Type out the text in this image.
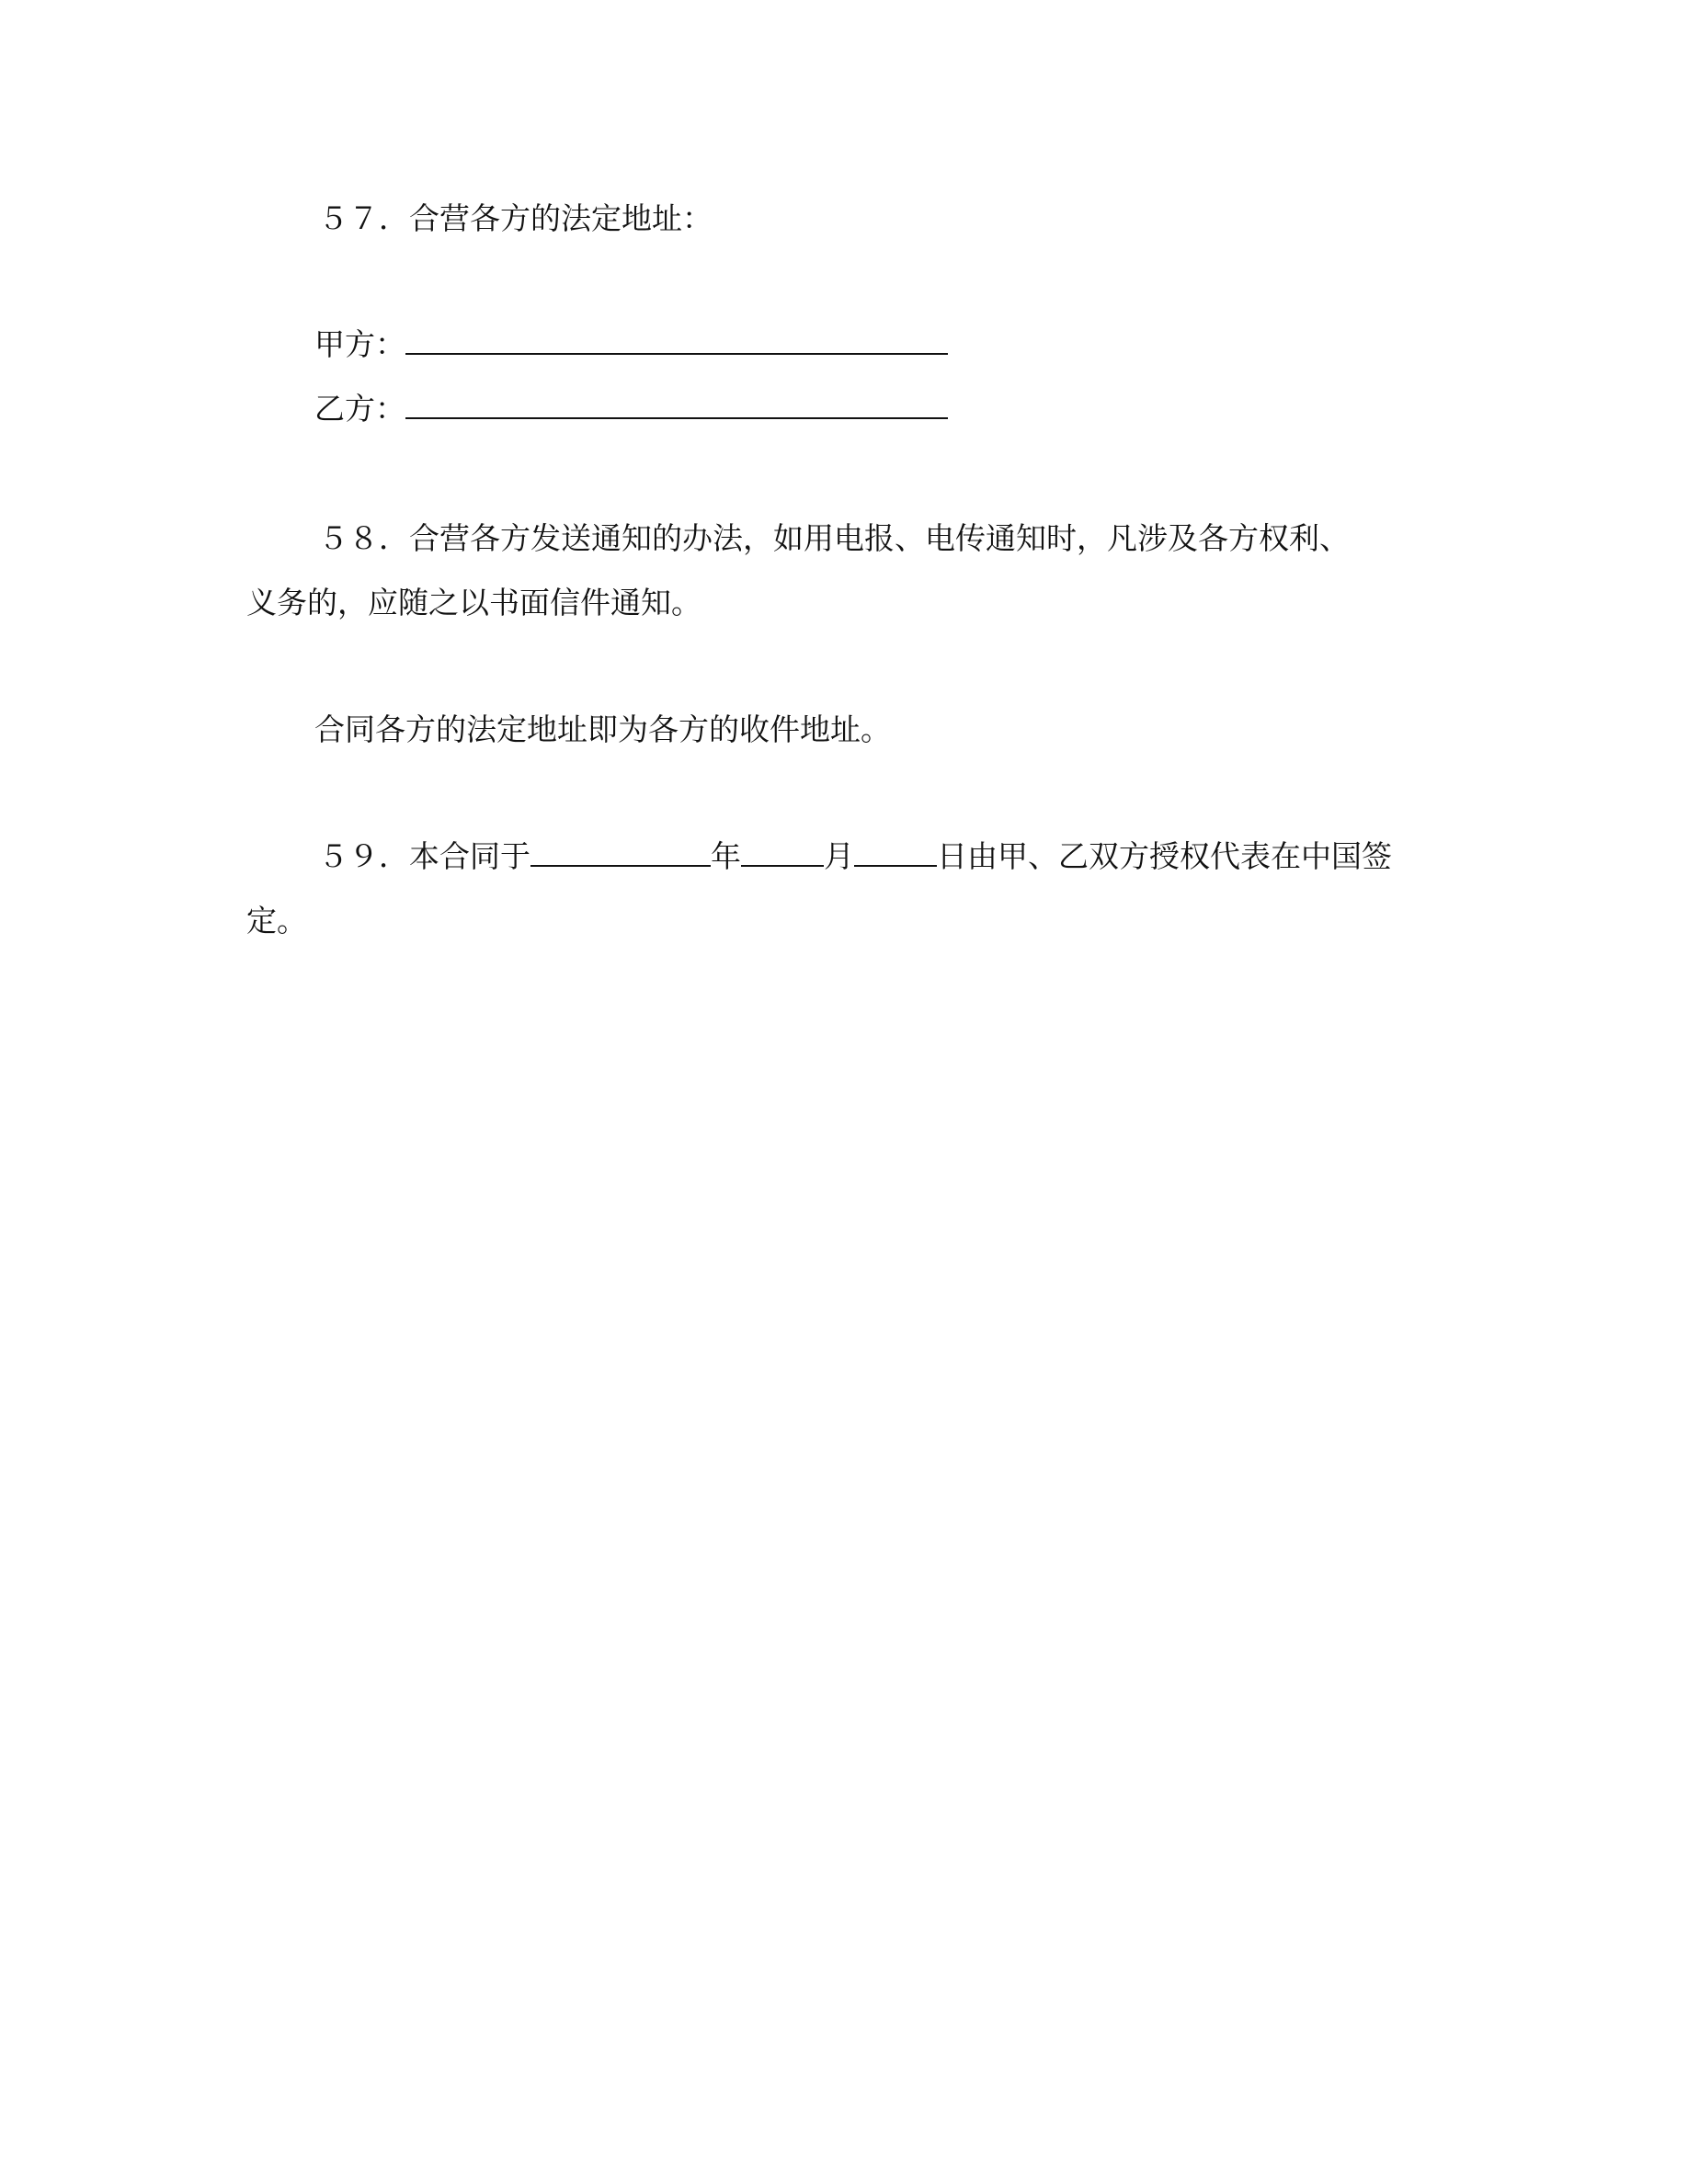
５７．合营各方的法定地址：
甲方：
乙方：
５８．合营各方发送通知的办法，如用电报、电传通知时，凡涉及各方权利、
义务的，应随之以书面信件通知。
合同各方的法定地址即为各方的收件地址。
５９．本合同于	年	月	日由甲、乙双方授权代表在中国签
定。
